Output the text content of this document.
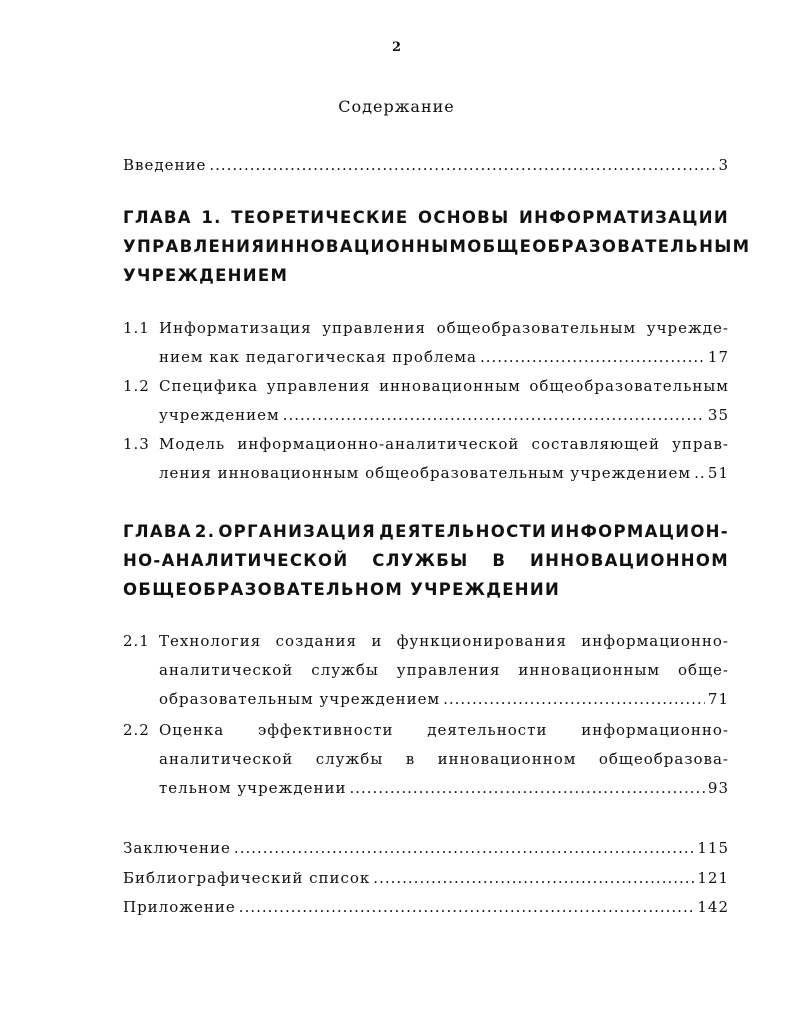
2
Содержание
Введение .....	3
ГЛАВА 1. ТЕОРЕТИЧЕСКИЕ ОСНОВЫ ИНФОРМАТИЗАЦИИ
УПРАВЛЕНИЯ ИННОВАЦИОННЫМ ОБЩЕОБРАЗОВАТЕЛЬНЫМ
УЧРЕЖДЕНИЕМ
1.1 Информатизация управления общеобразовательным учрежде-
нием как педагогическая проблема .....	17
1.2 Специфика управления инновационным общеобразовательным
учреждением .....	35
1.3 Модель информационно-аналитической составляющей управ-
ления инновационным общеобразовательным учреждением ..... 51
ГЛАВА 2. ОРГАНИЗАЦИЯ ДЕЯТЕЛЬНОСТИ ИНФОРМАЦИОН-
НО-АНАЛИТИЧЕСКОЙ СЛУЖБЫ В ИННОВАЦИОННОМ
ОБЩЕОБРАЗОВАТЕЛЬНОМ УЧРЕЖДЕНИИ
2.1 Технология создания и функционирования информационно-
аналитической службы управления инновационным обще-
образовательным учреждением .....	71
2.2 Оценка эффективности деятельности информационно-
аналитической службы в инновационном общеобразова-
тельном учреждении .....	93
Заключение .....	115
Библиографический список .....	121
Приложение .....	142
